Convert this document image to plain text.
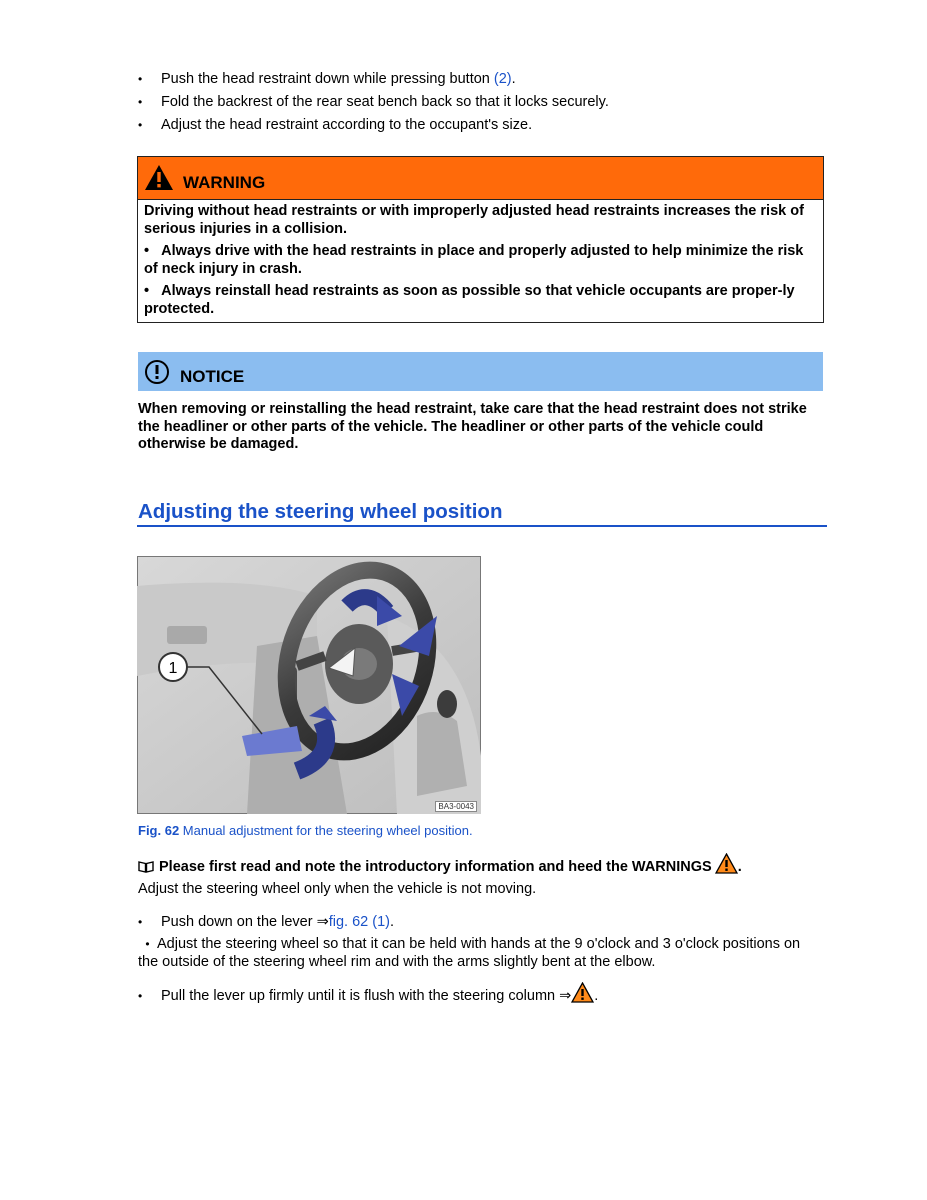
• Push the head restraint down while pressing button (2).
• Fold the backrest of the rear seat bench back so that it locks securely.
• Adjust the head restraint according to the occupant's size.
WARNING

Driving without head restraints or with improperly adjusted head restraints increases the risk of serious injuries in a collision.

• Always drive with the head restraints in place and properly adjusted to help minimize the risk of neck injury in crash.

• Always reinstall head restraints as soon as possible so that vehicle occupants are proper-ly protected.

NOTICE
When removing or reinstalling the head restraint, take care that the head restraint does not strike the headliner or other parts of the vehicle. The headliner or other parts of the vehicle could otherwise be damaged.
Adjusting the steering wheel position
1
BA3-0043
Fig. 62 Manual adjustment for the steering wheel position.
Please first read and note the introductory information and heed the WARNINGS .
Adjust the steering wheel only when the vehicle is not moving.

• Push down on the lever ⇒fig. 62 (1).

• Adjust the steering wheel so that it can be held with hands at the 9 o'clock and 3 o'clock positions on the outside of the steering wheel rim and with the arms slightly bent at the elbow.

• Pull the lever up firmly until it is flush with the steering column ⇒ .
